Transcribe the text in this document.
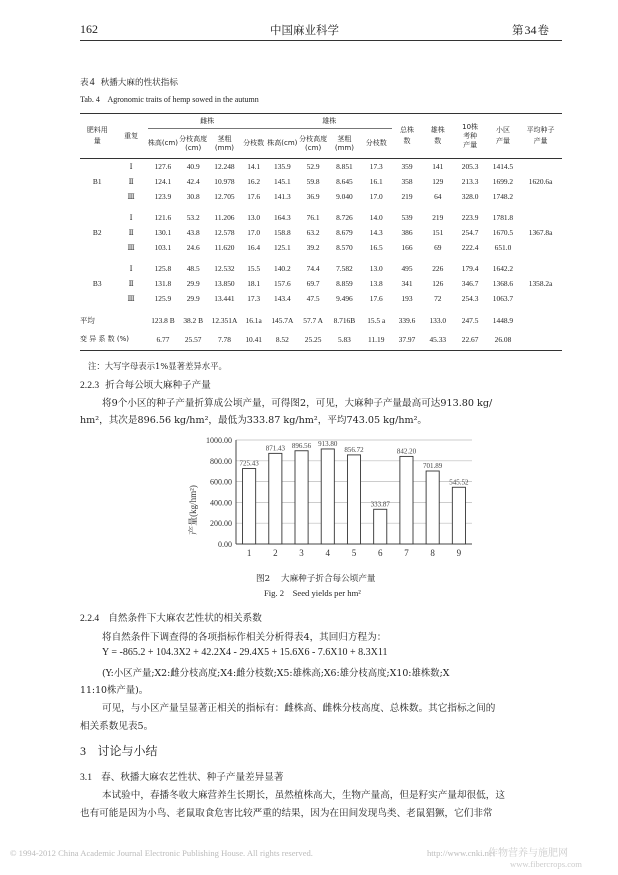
162	中国麻业科学	第34卷
表4 秋播大麻的性状指标
Tab. 4    Agronomic traits of hemp sowed in the autumn
肥料用量	重复	雌株				雄株				总株数	雄株数	10株考种产量	小区产量	平均种子产量

		株高(cm)	分枝高度(cm)	茎粗(mm)	分枝数	株高(cm)	分枝高度(cm)	茎粗(mm)	分枝数					
B1	Ⅰ	127.6	40.9	12.248	14.1	135.9	52.9	8.851	17.3	359	141	205.3	1414.5	1620.6a
	Ⅱ	124.1	42.4	10.978	16.2	145.1	59.8	8.645	16.1	358	129	213.3	1699.2	
	Ⅲ	123.9	30.8	12.705	17.6	141.3	36.9	9.040	17.0	219	64	328.0	1748.2	

B2	Ⅰ	121.6	53.2	11.206	13.0	164.3	76.1	8.726	14.0	539	219	223.9	1781.8	1367.8a
	Ⅱ	130.1	43.8	12.578	17.0	158.8	63.2	8.679	14.3	386	151	254.7	1670.5	
	Ⅲ	103.1	24.6	11.620	16.4	125.1	39.2	8.570	16.5	166	69	222.4	651.0	

B3	Ⅰ	125.8	48.5	12.532	15.5	140.2	74.4	7.582	13.0	495	226	179.4	1642.2	1358.2a
	Ⅱ	131.8	29.9	13.850	18.1	157.6	69.7	8.859	13.8	341	126	346.7	1368.6	
	Ⅲ	125.9	29.9	13.441	17.3	143.4	47.5	9.496	17.6	193	72	254.3	1063.7	

平均		123.8 B	38.2 B	12.351A	16.1a	145.7A	57.7 A	8.716B	15.5 a	339.6	133.0	247.5	1448.9	
变 异 系 数 (%)		6.77	25.57	7.78	10.41	8.52	25.25	5.83	11.19	37.97	45.33	22.67	26.08	
注：大写字母表示1%显著差异水平。
2.2.3 折合每公顷大麻种子产量
将9个小区的种子产量折算成公顷产量，可得图2，可见，大麻种子产量最高可达913.80 kg/
hm²，其次是896.56 kg/hm²，最低为333.87 kg/hm²，平均743.05 kg/hm²。
产量(kg/hm²)
0.00
200.00
400.00
600.00
800.00
1000.00
725.43
1
871.43
2
896.56
3
913.80
4
856.72
5
333.87
6
842.20
7
701.89
8
545.52
9
图2    大麻种子折合每公顷产量
Fig. 2    Seed yields per hm²
2.2.4 自然条件下大麻农艺性状的相关系数
将自然条件下调查得的各项指标作相关分析得表4，其回归方程为：
Y = -865.2 + 104.3X2 + 42.2X4 - 29.4X5 + 15.6X6 - 7.6X10 + 8.3X11
(Y:小区产量;X2:雌分枝高度;X4:雌分枝数;X5:雄株高;X6:雄分枝高度;X10:雄株数;X
11:10株产量)。
可见，与小区产量呈显著正相关的指标有：雌株高、雌株分枝高度、总株数。其它指标之间的
相关系数见表5。
3 讨论与小结
3.1 春、秋播大麻农艺性状、种子产量差异显著
本试验中，春播冬收大麻营养生长期长，虽然植株高大，生物产量高，但是籽实产量却很低，这
也有可能是因为小鸟、老鼠取食危害比较严重的结果，因为在田间发现鸟类、老鼠猖獗，它们非常
© 1994-2012 China Academic Journal Electronic Publishing House. All rights reserved.	http://www.cnki.net
作物营养与施肥网
www.fibercrops.com
